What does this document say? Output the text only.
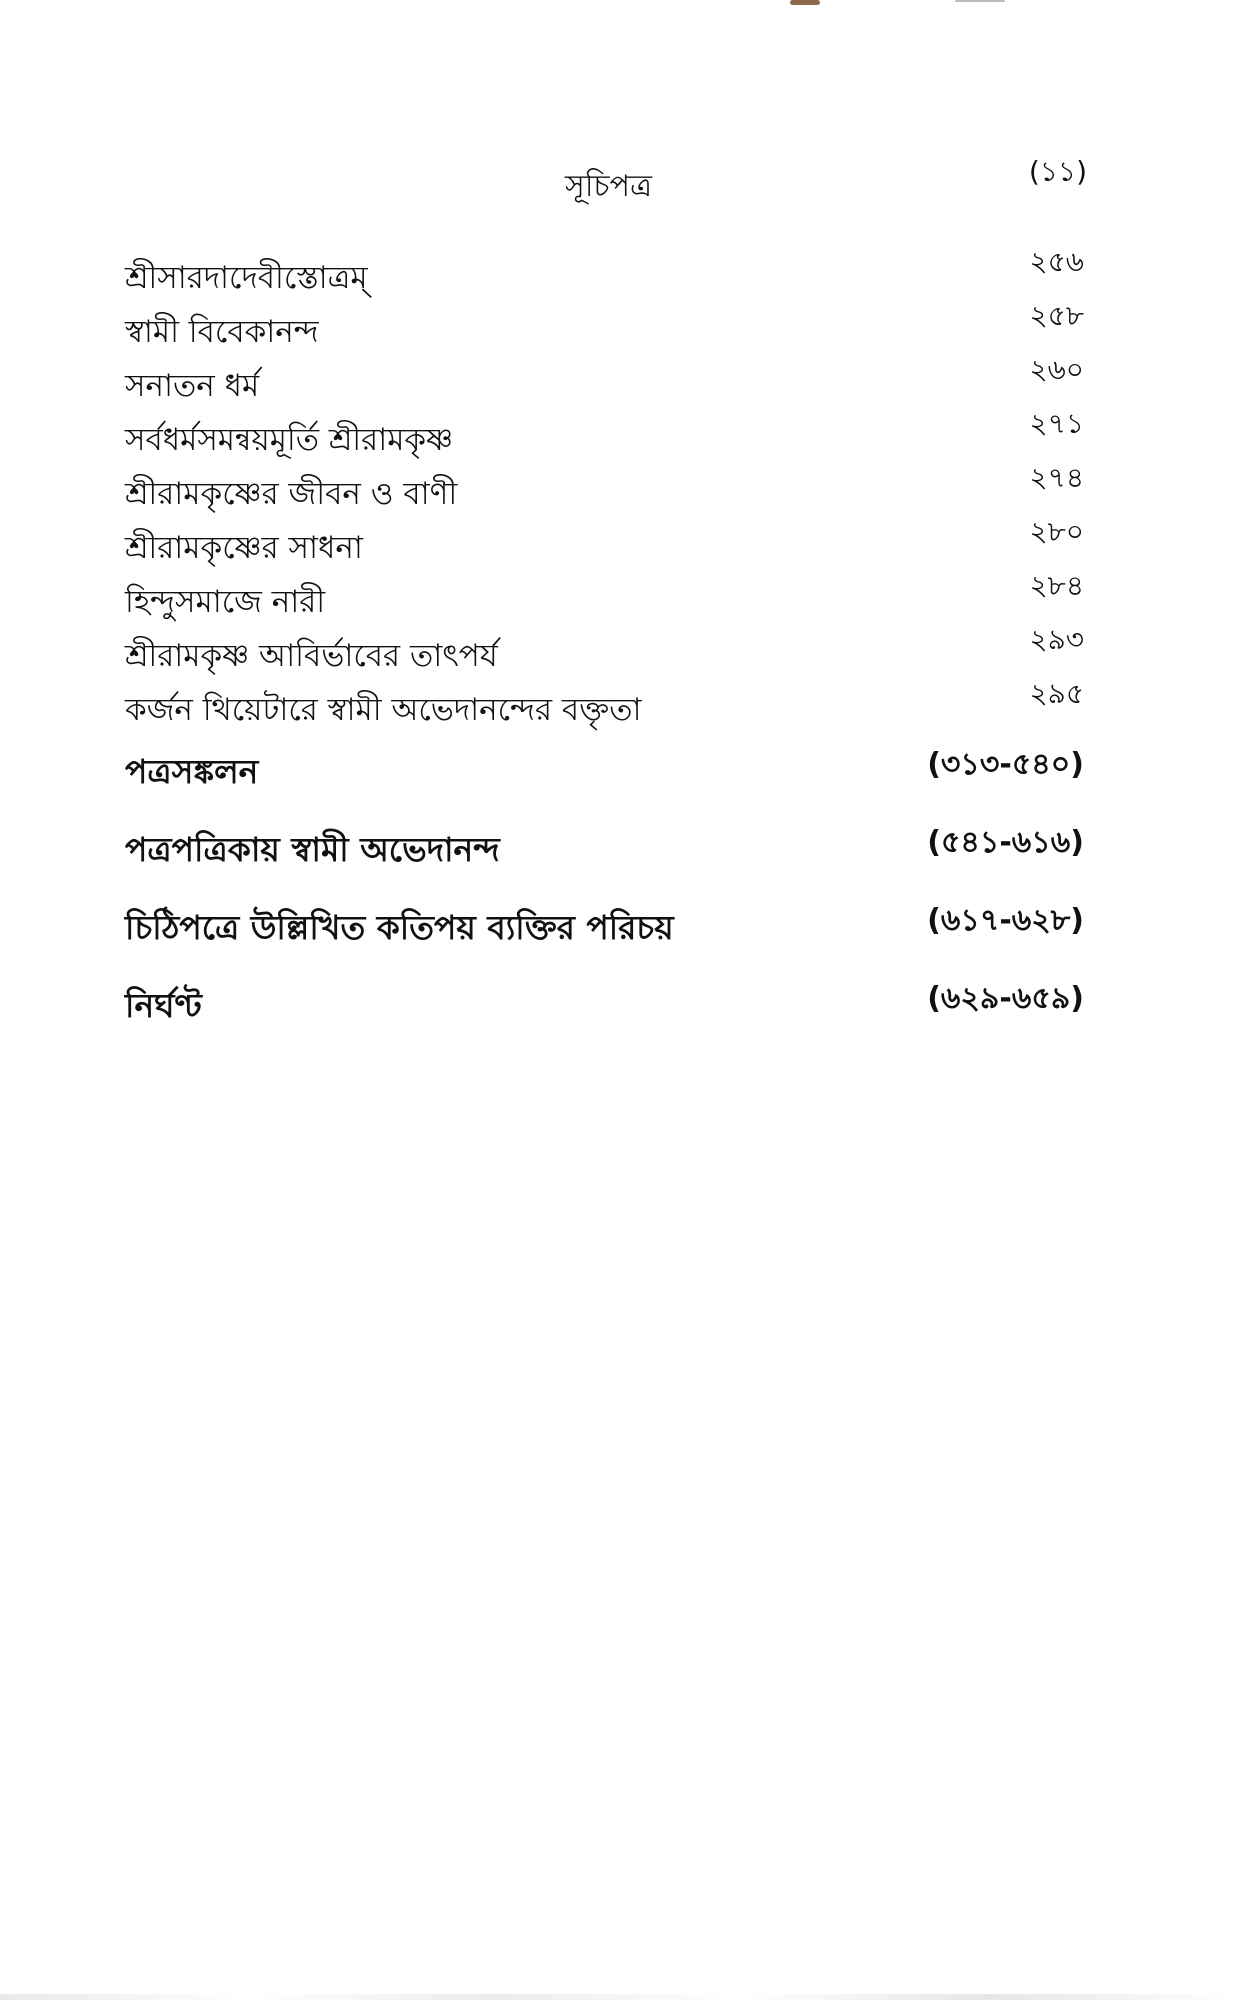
সূচিপত্র	(১১)
শ্রীসারদাদেবীস্তোত্রম্	২৫৬
স্বামী বিবেকানন্দ	২৫৮
সনাতন ধর্ম	২৬০
সর্বধর্মসমন্বয়মূর্তি শ্রীরামকৃষ্ণ	২৭১
শ্রীরামকৃষ্ণের জীবন ও বাণী	২৭৪
শ্রীরামকৃষ্ণের সাধনা	২৮০
হিন্দুসমাজে নারী	২৮৪
শ্রীরামকৃষ্ণ আবির্ভাবের তাৎপর্য	২৯৩
কর্জন থিয়েটারে স্বামী অভেদানন্দের বক্তৃতা	২৯৫
পত্রসঙ্কলন	(৩১৩-৫৪০)
পত্রপত্রিকায় স্বামী অভেদানন্দ	(৫৪১-৬১৬)
চিঠিপত্রে উল্লিখিত কতিপয় ব্যক্তির পরিচয়	(৬১৭-৬২৮)
নির্ঘণ্ট	(৬২৯-৬৫৯)
